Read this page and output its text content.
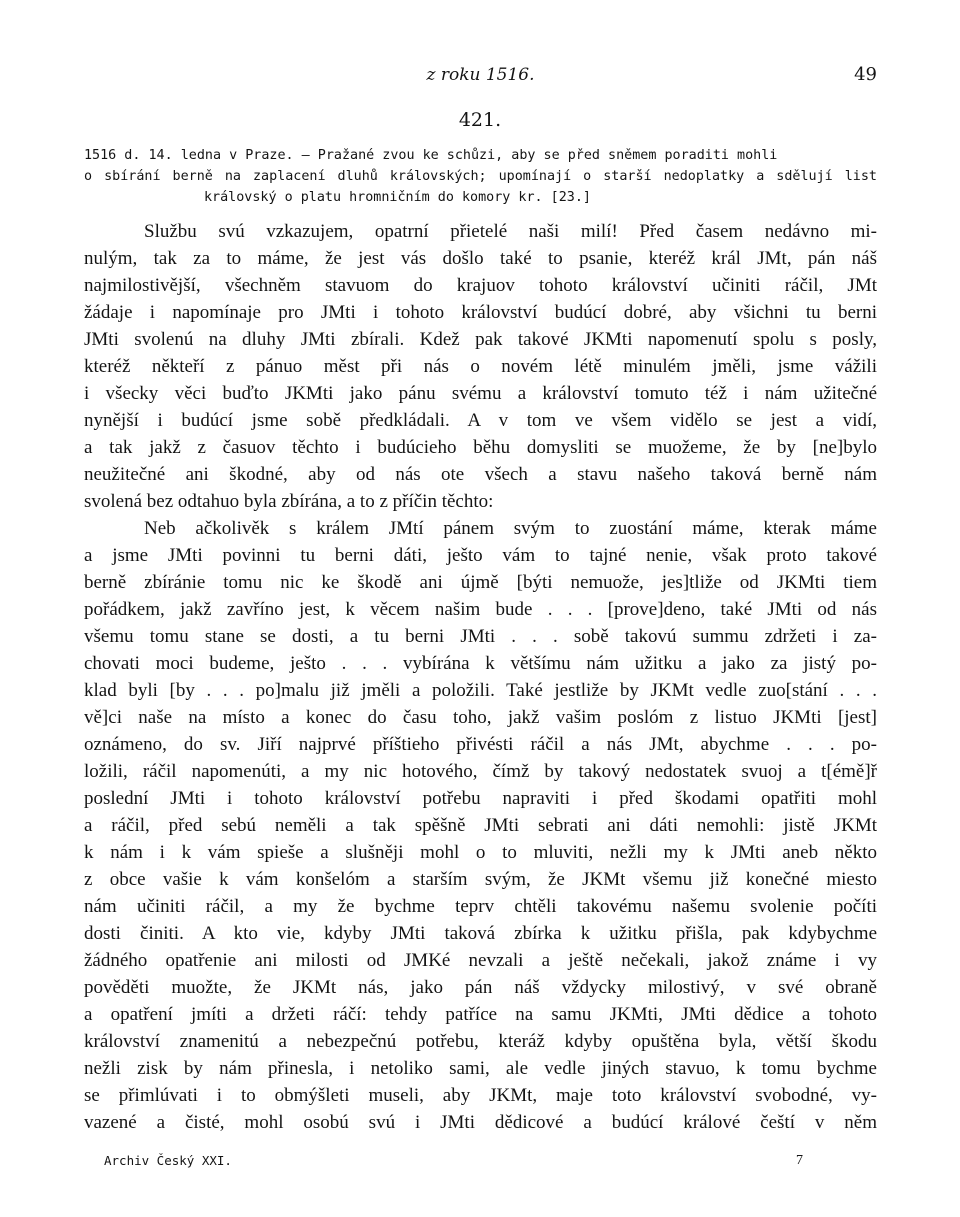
z roku 1516.	49
421.
1516 d. 14. ledna v Praze. — Pražané zvou ke schůzi, aby se před sněmem poraditi mohli
o sbírání berně na zaplacení dluhů královských; upomínají o starší nedoplatky a sdělují list
královský o platu hromničním do komory kr. [23.]
Službu svú vzkazujem, opatrní přietelé naši milí! Před časem nedávno mi-
nulým, tak za to máme, že jest vás došlo také to psanie, kteréž král JMt, pán náš
najmilostivější, všechněm stavuom do krajuov tohoto království učiniti ráčil, JMt
žádaje i napomínaje pro JMti i tohoto království budúcí dobré, aby všichni tu berni
JMti svolenú na dluhy JMti zbírali. Kdež pak takové JKMti napomenutí spolu s posly,
kteréž někteří z pánuo měst při nás o novém létě minulém jměli, jsme vážili
i všecky věci buďto JKMti jako pánu svému a království tomuto též i nám užitečné
nynější i budúcí jsme sobě předkládali. A v tom ve všem vidělo se jest a vidí,
a tak jakž z časuov těchto i budúcieho běhu domysliti se muožeme, že by [ne]bylo
neužitečné ani škodné, aby od nás ote všech a stavu našeho taková berně nám
svolená bez odtahuo byla zbírána, a to z příčin těchto:
Neb ačkolivěk s králem JMtí pánem svým to zuostání máme, kterak máme
a jsme JMti povinni tu berni dáti, ješto vám to tajné nenie, však proto takové
berně zbíránie tomu nic ke škodě ani újmě [býti nemuože, jes]tliže od JKMti tiem
pořádkem, jakž zavříno jest, k věcem našim bude . . . [prove]deno, také JMti od nás
všemu tomu stane se dosti, a tu berni JMti . . . sobě takovú summu zdržeti i za-
chovati moci budeme, ješto . . . vybírána k většímu nám užitku a jako za jistý po-
klad byli [by . . . po]malu již jměli a položili. Také jestliže by JKMt vedle zuo[stání . . .
vě]ci naše na místo a konec do času toho, jakž vašim poslóm z listuo JKMti [jest]
oznámeno, do sv. Jiří najprvé příštieho přivésti ráčil a nás JMt, abychme . . . po-
ložili, ráčil napomenúti, a my nic hotového, čímž by takový nedostatek svuoj a t[émě]ř
poslední JMti i tohoto království potřebu napraviti i před škodami opatřiti mohl
a ráčil, před sebú neměli a tak spěšně JMti sebrati ani dáti nemohli: jistě JKMt
k nám i k vám spieše a slušněji mohl o to mluviti, nežli my k JMti aneb někto
z obce vašie k vám konšelóm a starším svým, že JKMt všemu již konečné miesto
nám učiniti ráčil, a my že bychme teprv chtěli takovému našemu svolenie počíti
dosti činiti. A kto vie, kdyby JMti taková zbírka k užitku přišla, pak kdybychme
žádného opatřenie ani milosti od JMKé nevzali a ještě nečekali, jakož známe i vy
pověděti muožte, že JKMt nás, jako pán náš vždycky milostivý, v své obraně
a opatření jmíti a držeti ráčí: tehdy patříce na samu JKMti, JMti dědice a tohoto
království znamenitú a nebezpečnú potřebu, kteráž kdyby opuštěna byla, větší škodu
nežli zisk by nám přinesla, i netoliko sami, ale vedle jiných stavuo, k tomu bychme
se přimlúvati i to obmýšleti museli, aby JKMt, maje toto království svobodné, vy-
vazené a čisté, mohl osobú svú i JMti dědicové a budúcí králové čeští v něm
Archiv Český XXI.	7
